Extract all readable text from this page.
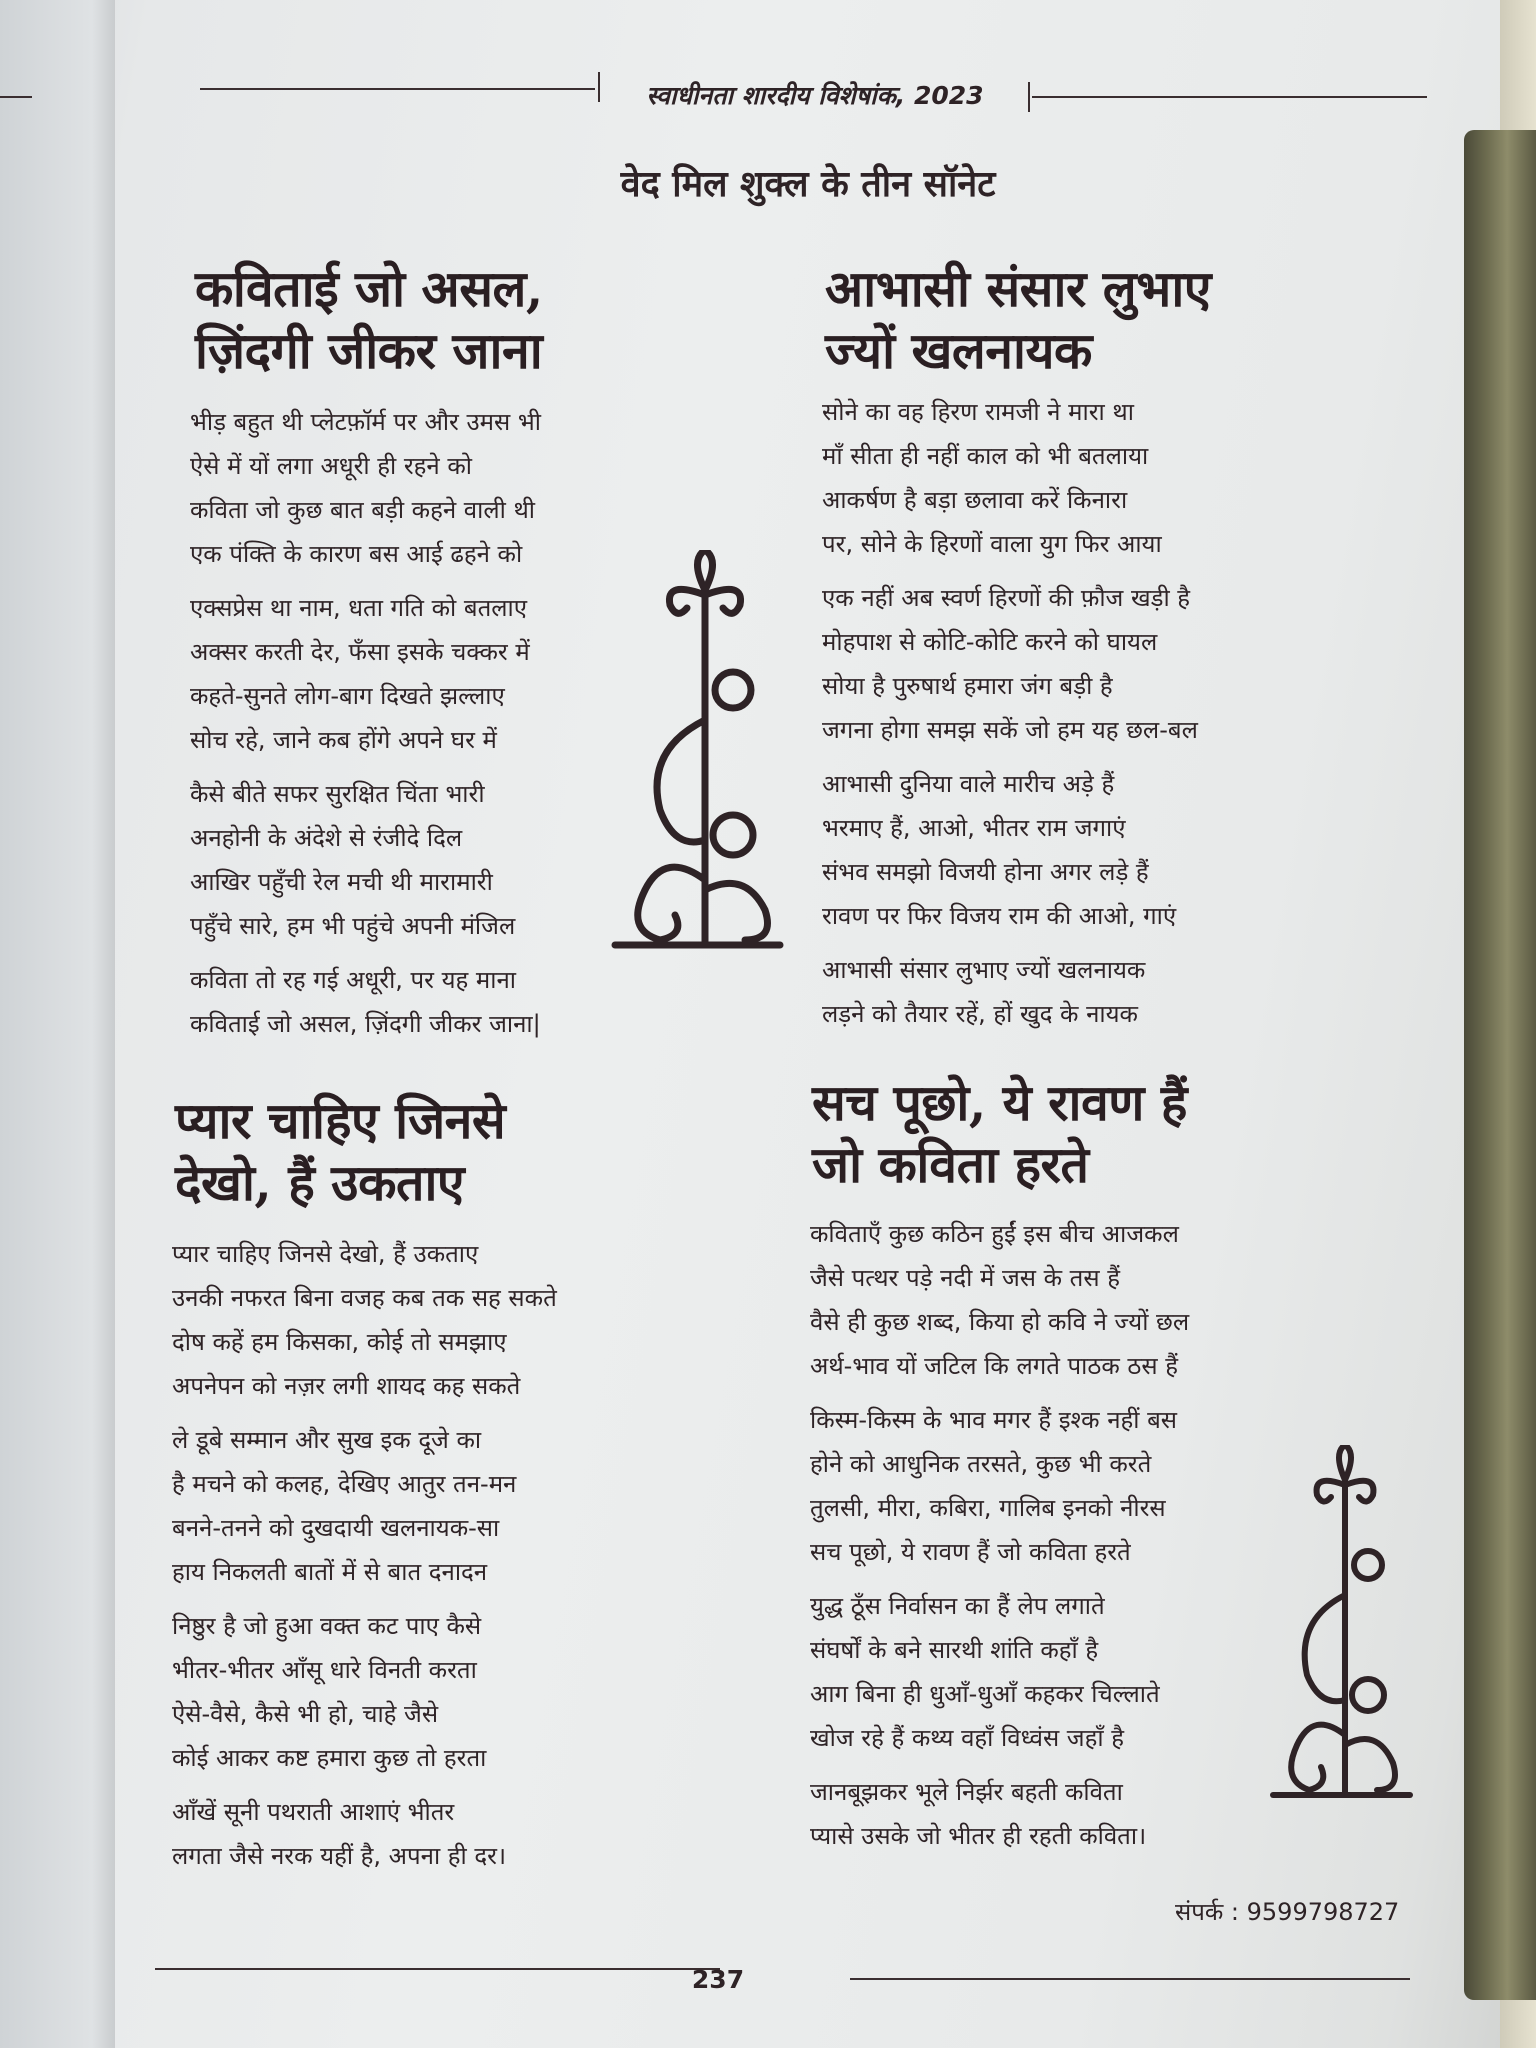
स्वाधीनता शारदीय विशेषांक, 2023
वेद मिल शुक्ल के तीन सॉनेट
कविताई जो असल,
ज़िंदगी जीकर जाना
भीड़ बहुत थी प्लेटफ़ॉर्म पर और उमस भी
ऐसे में यों लगा अधूरी ही रहने को
कविता जो कुछ बात बड़ी कहने वाली थी
एक पंक्ति के कारण बस आई ढहने को
एक्सप्रेस था नाम, धता गति को बतलाए
अक्सर करती देर, फँसा इसके चक्कर में
कहते-सुनते लोग-बाग दिखते झल्लाए
सोच रहे, जाने कब होंगे अपने घर में
कैसे बीते सफर सुरक्षित चिंता भारी
अनहोनी के अंदेशे से रंजीदे दिल
आखिर पहुँची रेल मची थी मारामारी
पहुँचे सारे, हम भी पहुंचे अपनी मंजिल
कविता तो रह गई अधूरी, पर यह माना
कविताई जो असल, ज़िंदगी जीकर जाना|
आभासी संसार लुभाए
ज्यों खलनायक
सोने का वह हिरण रामजी ने मारा था
माँ सीता ही नहीं काल को भी बतलाया
आकर्षण है बड़ा छलावा करें किनारा
पर, सोने के हिरणों वाला युग फिर आया
एक नहीं अब स्वर्ण हिरणों की फ़ौज खड़ी है
मोहपाश से कोटि-कोटि करने को घायल
सोया है पुरुषार्थ हमारा जंग बड़ी है
जगना होगा समझ सकें जो हम यह छल-बल
आभासी दुनिया वाले मारीच अड़े हैं
भरमाए हैं, आओ, भीतर राम जगाएं
संभव समझो विजयी होना अगर लड़े हैं
रावण पर फिर विजय राम की आओ, गाएं
आभासी संसार लुभाए ज्यों खलनायक
लड़ने को तैयार रहें, हों खुद के नायक
प्यार चाहिए जिनसे
देखो, हैं उकताए
प्यार चाहिए जिनसे देखो, हैं उकताए
उनकी नफरत बिना वजह कब तक सह सकते
दोष कहें हम किसका, कोई तो समझाए
अपनेपन को नज़र लगी शायद कह सकते
ले डूबे सम्मान और सुख इक दूजे का
है मचने को कलह, देखिए आतुर तन-मन
बनने-तनने को दुखदायी खलनायक-सा
हाय निकलती बातों में से बात दनादन
निष्ठुर है जो हुआ वक्त कट पाए कैसे
भीतर-भीतर आँसू धारे विनती करता
ऐसे-वैसे, कैसे भी हो, चाहे जैसे
कोई आकर कष्ट हमारा कुछ तो हरता
आँखें सूनी पथराती आशाएं भीतर
लगता जैसे नरक यहीं है, अपना ही दर।
सच पूछो, ये रावण हैं
जो कविता हरते
कविताएँ कुछ कठिन हुईं इस बीच आजकल
जैसे पत्थर पड़े नदी में जस के तस हैं
वैसे ही कुछ शब्द, किया हो कवि ने ज्यों छल
अर्थ-भाव यों जटिल कि लगते पाठक ठस हैं
किस्म-किस्म के भाव मगर हैं इश्क नहीं बस
होने को आधुनिक तरसते, कुछ भी करते
तुलसी, मीरा, कबिरा, गालिब इनको नीरस
सच पूछो, ये रावण हैं जो कविता हरते
युद्ध ठूँस निर्वासन का हैं लेप लगाते
संघर्षों के बने सारथी शांति कहाँ है
आग बिना ही धुआँ-धुआँ कहकर चिल्लाते
खोज रहे हैं कथ्य वहाँ विध्वंस जहाँ है
जानबूझकर भूले निर्झर बहती कविता
प्यासे उसके जो भीतर ही रहती कविता।
संपर्क : 9599798727
237
